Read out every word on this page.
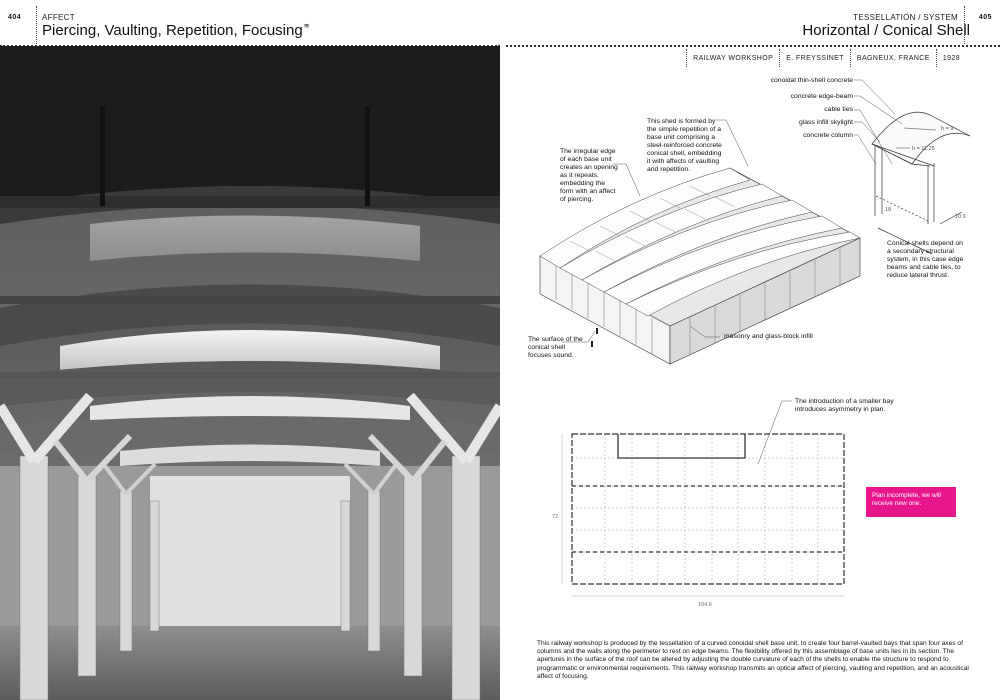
404	AFFECT
Piercing, Vaulting, Repetition, Focusing≋
TESSELLATION / SYSTEM
Horizontal / Conical Shell
405
RAILWAY WORKSHOP	E. FREYSSINET	BAGNEUX, FRANCE	1928
h = 9
h = 11.25
18
10.9
72
104.6
conoidal thin-shell concrete
concrete edge-beam
cable ties
glass infill skylight
concrete column
This shed is formed by the simple repetition of a base unit comprising a steel-reinforced concrete conical shell, embedding it with affects of vaulting and repetition.
The irregular edge of each base unit creates an opening as it repeats, embedding the form with an affect of piercing.
Conical shells depend on a secondary structural system, in this case edge beams and cable ties, to reduce lateral thrust.
The surface of the conical shell focuses sound.
masonry and glass-block infill
The introduction of a smaller bay introduces asymmetry in plan.
Plan incomplete, we will receive new one.
This railway workshop is produced by the tessellation of a curved conoidal shell base unit, to create four barrel-vaulted bays that span four axes of columns and the walls along the perimeter to rest on edge beams. The flexibility offered by this assemblage of base units lies in its section. The apertures in the surface of the roof can be altered by adjusting the double curvature of each of the shells to enable the structure to respond to programmatic or environmental requirements. This railway workshop transmits an optical affect of piercing, vaulting and repetition, and an acoustical affect of focusing.
